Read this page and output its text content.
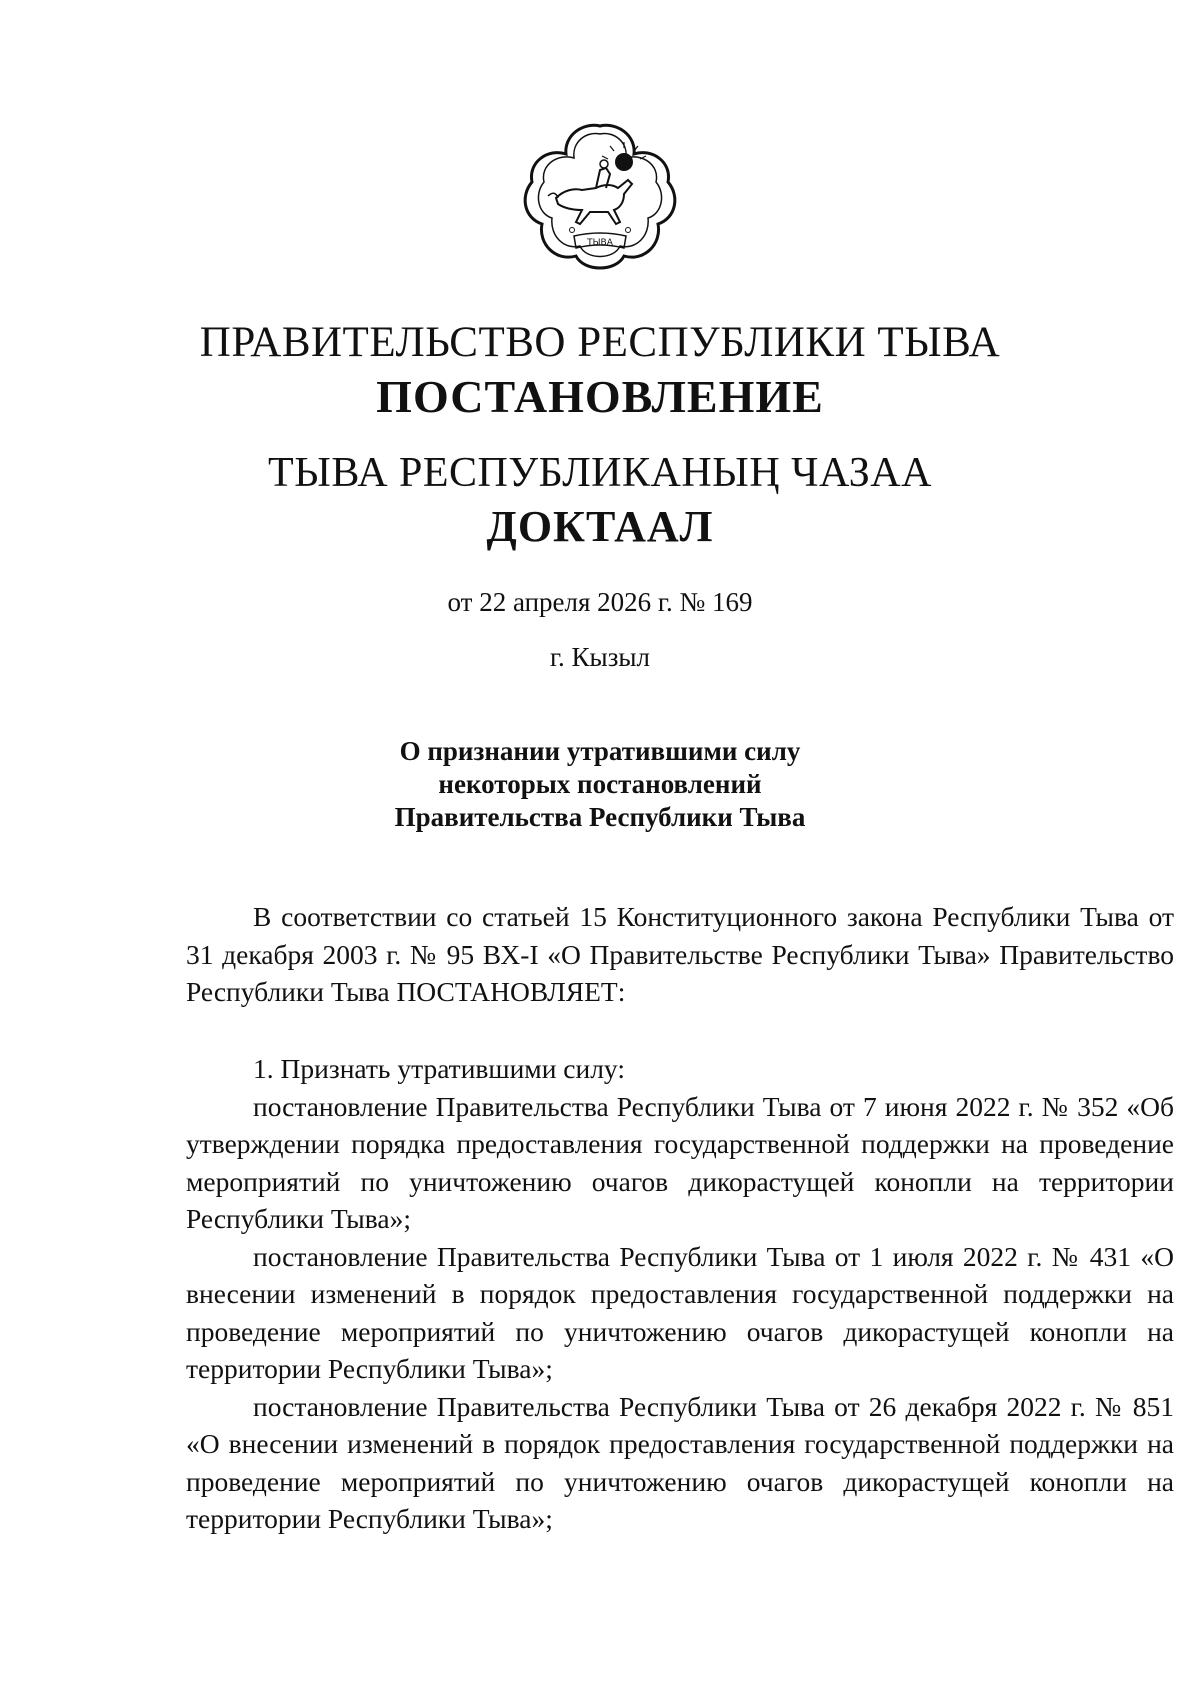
ТЫВА
ПРАВИТЕЛЬСТВО РЕСПУБЛИКИ ТЫВА
ПОСТАНОВЛЕНИЕ
ТЫВА РЕСПУБЛИКАНЫҢ ЧАЗАА
ДОКТААЛ
от 22 апреля 2026 г. № 169
г. Кызыл
О признании утратившими силу
некоторых постановлений
Правительства Республики Тыва

В соответствии со статьей 15 Конституционного закона Республики Тыва от 31 декабря 2003 г. № 95 ВХ-I «О Правительстве Республики Тыва» Правительство Республики Тыва ПОСТАНОВЛЯЕТ:

1. Признать утратившими силу:

постановление Правительства Республики Тыва от 7 июня 2022 г. № 352 «Об утверждении порядка предоставления государственной поддержки на проведение мероприятий по уничтожению очагов дикорастущей конопли на территории Республики Тыва»;

постановление Правительства Республики Тыва от 1 июля 2022 г. № 431 «О внесении изменений в порядок предоставления государственной поддержки на проведение мероприятий по уничтожению очагов дикорастущей конопли на территории Республики Тыва»;

постановление Правительства Республики Тыва от 26 декабря 2022 г. № 851 «О внесении изменений в порядок предоставления государственной поддержки на проведение мероприятий по уничтожению очагов дикорастущей конопли на территории Республики Тыва»;
